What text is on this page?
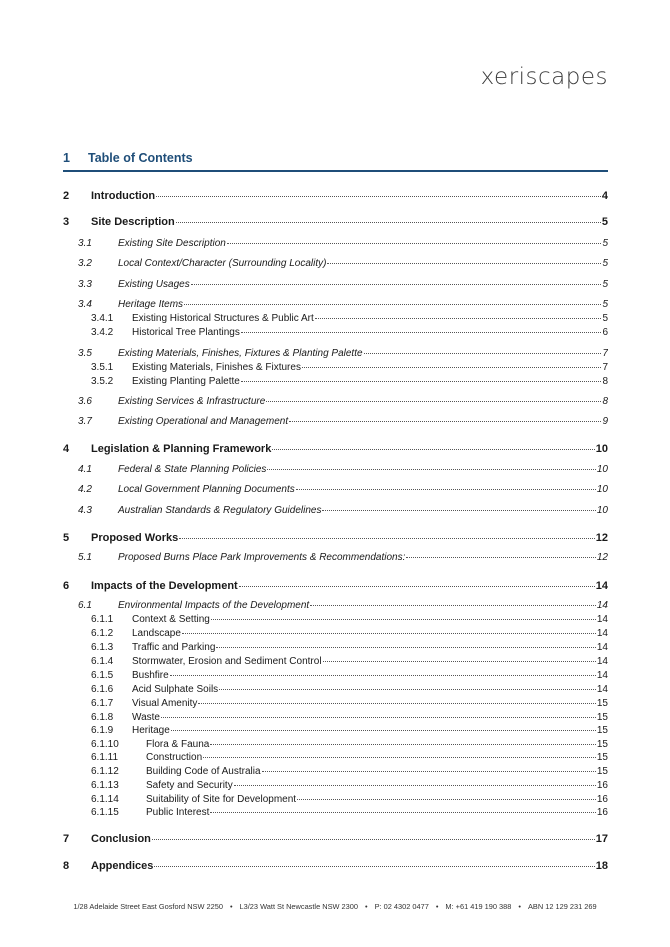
xeriscapes
1 Table of Contents
2	Introduction	4
3	Site Description	5
3.1	Existing Site Description	5
3.2	Local Context/Character (Surrounding Locality)	5
3.3	Existing Usages	5
3.4	Heritage Items	5
3.4.1	Existing Historical Structures & Public Art	5
3.4.2	Historical Tree Plantings	6
3.5	Existing Materials, Finishes, Fixtures & Planting Palette	7
3.5.1	Existing Materials, Finishes & Fixtures	7
3.5.2	Existing Planting Palette	8
3.6	Existing Services & Infrastructure	8
3.7	Existing Operational and Management	9
4	Legislation & Planning Framework	10
4.1	Federal & State Planning Policies	10
4.2	Local Government Planning Documents	10
4.3	Australian Standards & Regulatory Guidelines	10
5	Proposed Works	12
5.1	Proposed Burns Place Park Improvements & Recommendations:	12
6	Impacts of the Development	14
6.1	Environmental Impacts of the Development	14
6.1.1	Context & Setting	14
6.1.2	Landscape	14
6.1.3	Traffic and Parking	14
6.1.4	Stormwater, Erosion and Sediment Control	14
6.1.5	Bushfire	14
6.1.6	Acid Sulphate Soils	14
6.1.7	Visual Amenity	15
6.1.8	Waste	15
6.1.9	Heritage	15
6.1.10	Flora & Fauna	15
6.1.11	Construction	15
6.1.12	Building Code of Australia	15
6.1.13	Safety and Security	16
6.1.14	Suitability of Site for Development	16
6.1.15	Public Interest	16
7	Conclusion	17
8	Appendices	18
1/28 Adelaide Street East Gosford NSW 2250 • L3/23 Watt St Newcastle NSW 2300 • P: 02 4302 0477 • M: +61 419 190 388 • ABN 12 129 231 269
